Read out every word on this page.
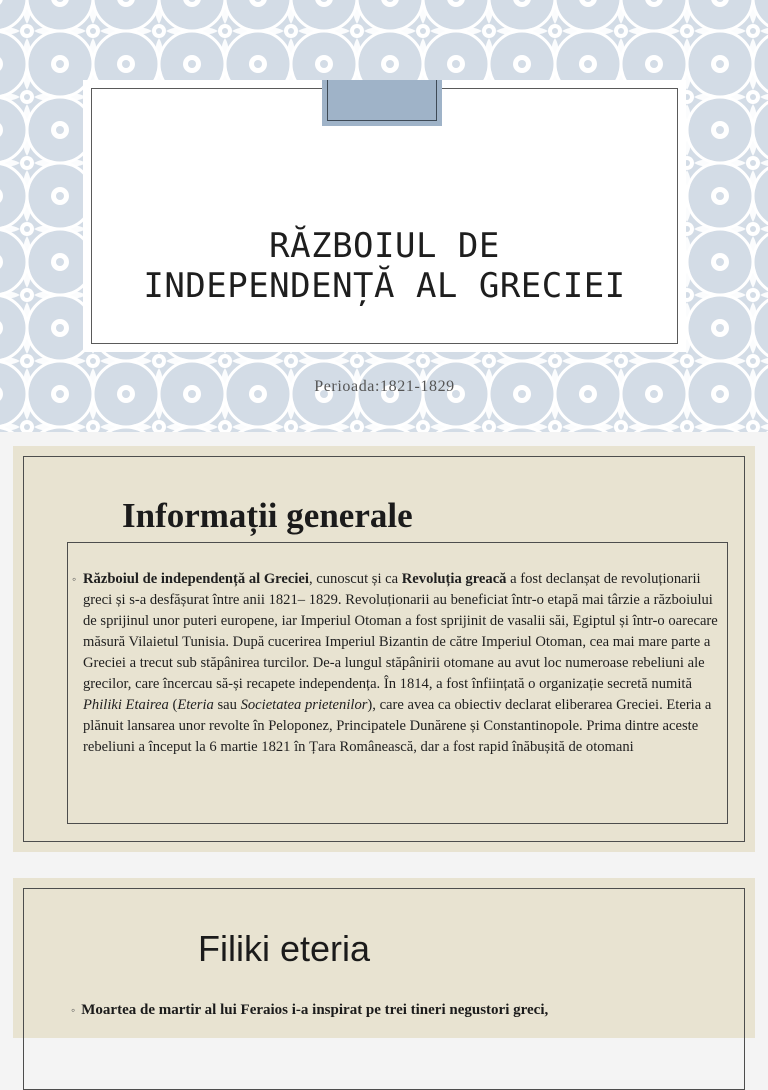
RĂZBOIUL DE
INDEPENDENȚĂ AL GRECIEI
Perioada:1821-1829
Informații generale

◦ Războiul de independență al Greciei, cunoscut și ca Revoluția greacă a fost declanșat de revoluționarii greci și s-a desfășurat între anii 1821– 1829. Revoluționarii au beneficiat într-o etapă mai târzie a războiului de sprijinul unor puteri europene, iar Imperiul Otoman a fost sprijinit de vasalii săi, Egiptul și într-o oarecare măsură Vilaietul Tunisia. După cucerirea Imperiul Bizantin de către Imperiul Otoman, cea mai mare parte a Greciei a trecut sub stăpânirea turcilor. De-a lungul stăpânirii otomane au avut loc numeroase rebeliuni ale grecilor, care încercau să-și recapete independența. În 1814, a fost înființată o organizație secretă numită Philiki Etairea (Eteria sau Societatea prietenilor), care avea ca obiectiv declarat eliberarea Greciei. Eteria a plănuit lansarea unor revolte în Peloponez, Principatele Dunărene și Constantinopole. Prima dintre aceste rebeliuni a început la 6 martie 1821 în Țara Românească, dar a fost rapid înăbușită de otomani

Filiki eteria
◦ Moartea de martir al lui Feraios i-a inspirat pe trei tineri negustori greci,
